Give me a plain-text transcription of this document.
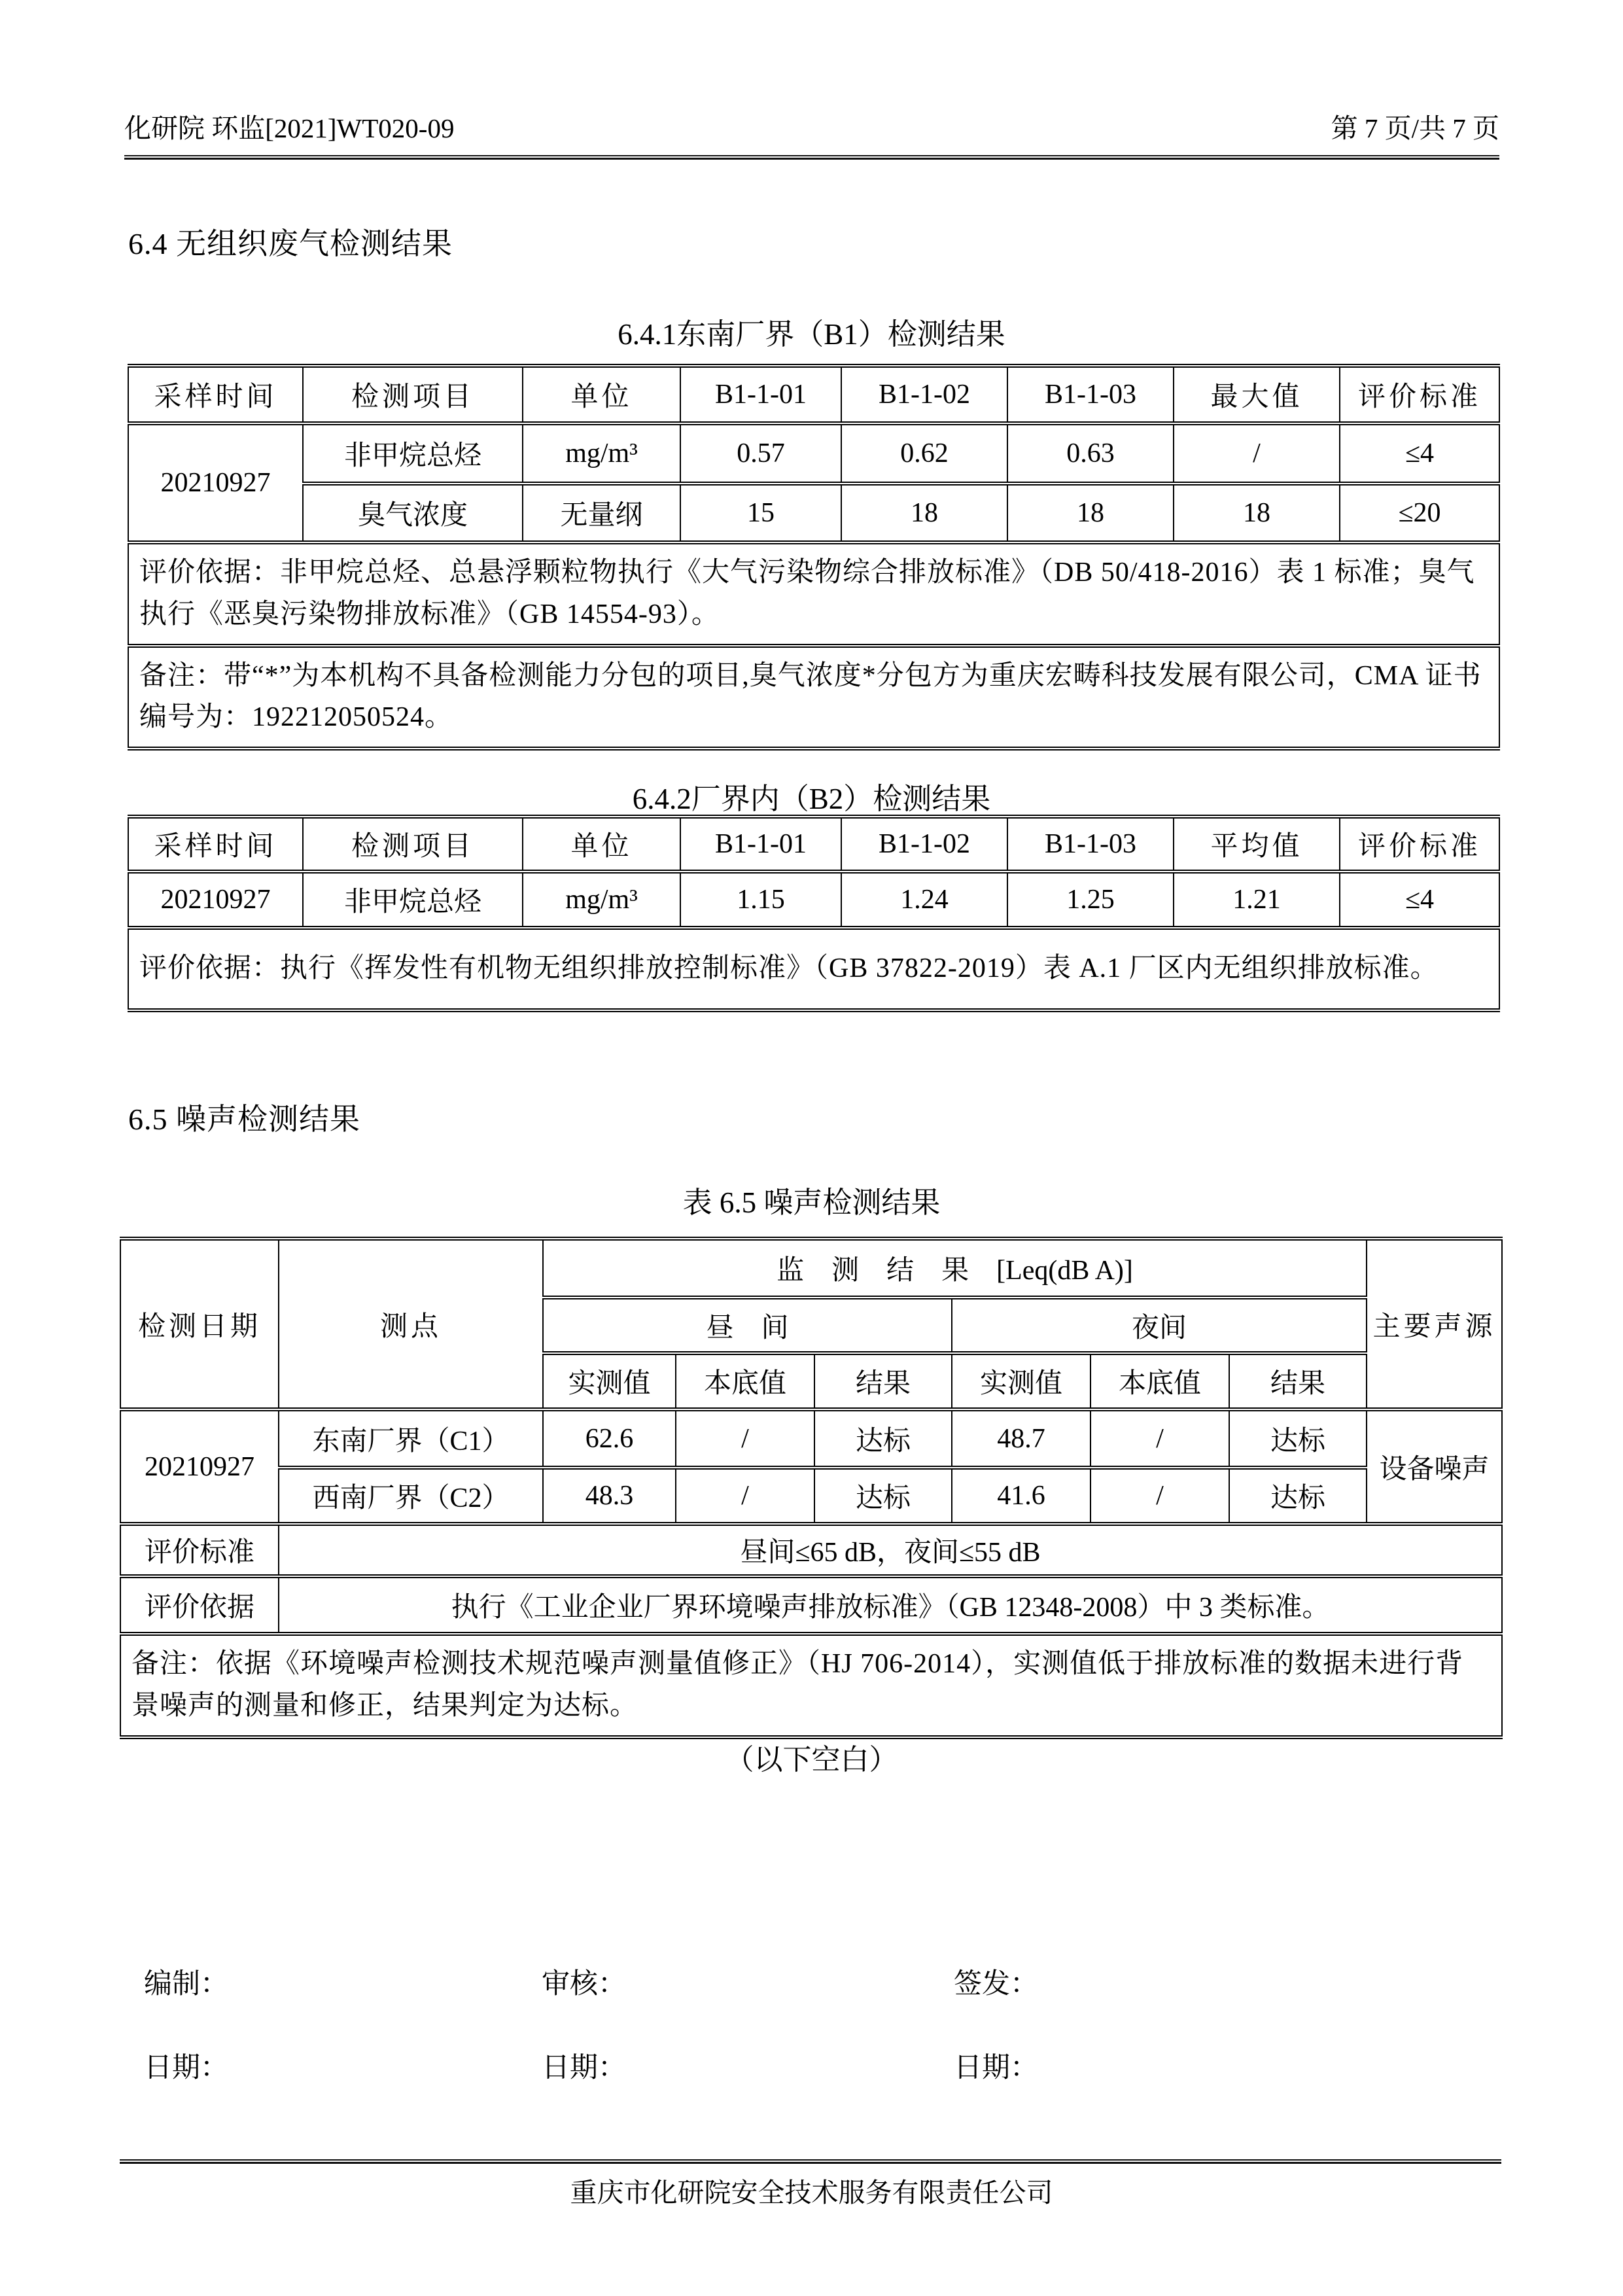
化研院 环监[2021]WT020-09	第 7 页/共 7 页
6.4 无组织废气检测结果
6.4.1东南厂界（B1）检测结果
采样时间	检测项目	单位	B1-1-01	B1-1-02	B1-1-03	最大值	评价标准
20210927	非甲烷总烃	mg/m³	0.57	0.62	0.63	/	≤4
	臭气浓度	无量纲	15	18	18	18	≤20
评价依据：非甲烷总烃、总悬浮颗粒物执行《大气污染物综合排放标准》（DB 50/418-2016）表 1 标准；臭气执行《恶臭污染物排放标准》（GB 14554-93）。							
备注：带“*”为本机构不具备检测能力分包的项目,臭气浓度*分包方为重庆宏畴科技发展有限公司，CMA 证书编号为：192212050524。							
6.4.2厂界内（B2）检测结果
采样时间	检测项目	单位	B1-1-01	B1-1-02	B1-1-03	平均值	评价标准
20210927	非甲烷总烃	mg/m³	1.15	1.24	1.25	1.21	≤4
评价依据：执行《挥发性有机物无组织排放控制标准》（GB 37822-2019）表 A.1 厂区内无组织排放标准。							
6.5 噪声检测结果
表 6.5 噪声检测结果
检测日期	测点	监　测　结　果　[Leq(dB A)]						主要声源
		昼　间			夜间			
		实测值	本底值	结果	实测值	本底值	结果	
20210927	东南厂界（C1）	62.6	/	达标	48.7	/	达标	设备噪声
	西南厂界（C2）	48.3	/	达标	41.6	/	达标	
评价标准	昼间≤65 dB，夜间≤55 dB							
评价依据	执行《工业企业厂界环境噪声排放标准》（GB 12348-2008）中 3 类标准。							
备注：依据《环境噪声检测技术规范噪声测量值修正》（HJ 706-2014），实测值低于排放标准的数据未进行背景噪声的测量和修正，结果判定为达标。								
（以下空白）
编制：	审核：	签发：
日期：	日期：	日期：
重庆市化研院安全技术服务有限责任公司
